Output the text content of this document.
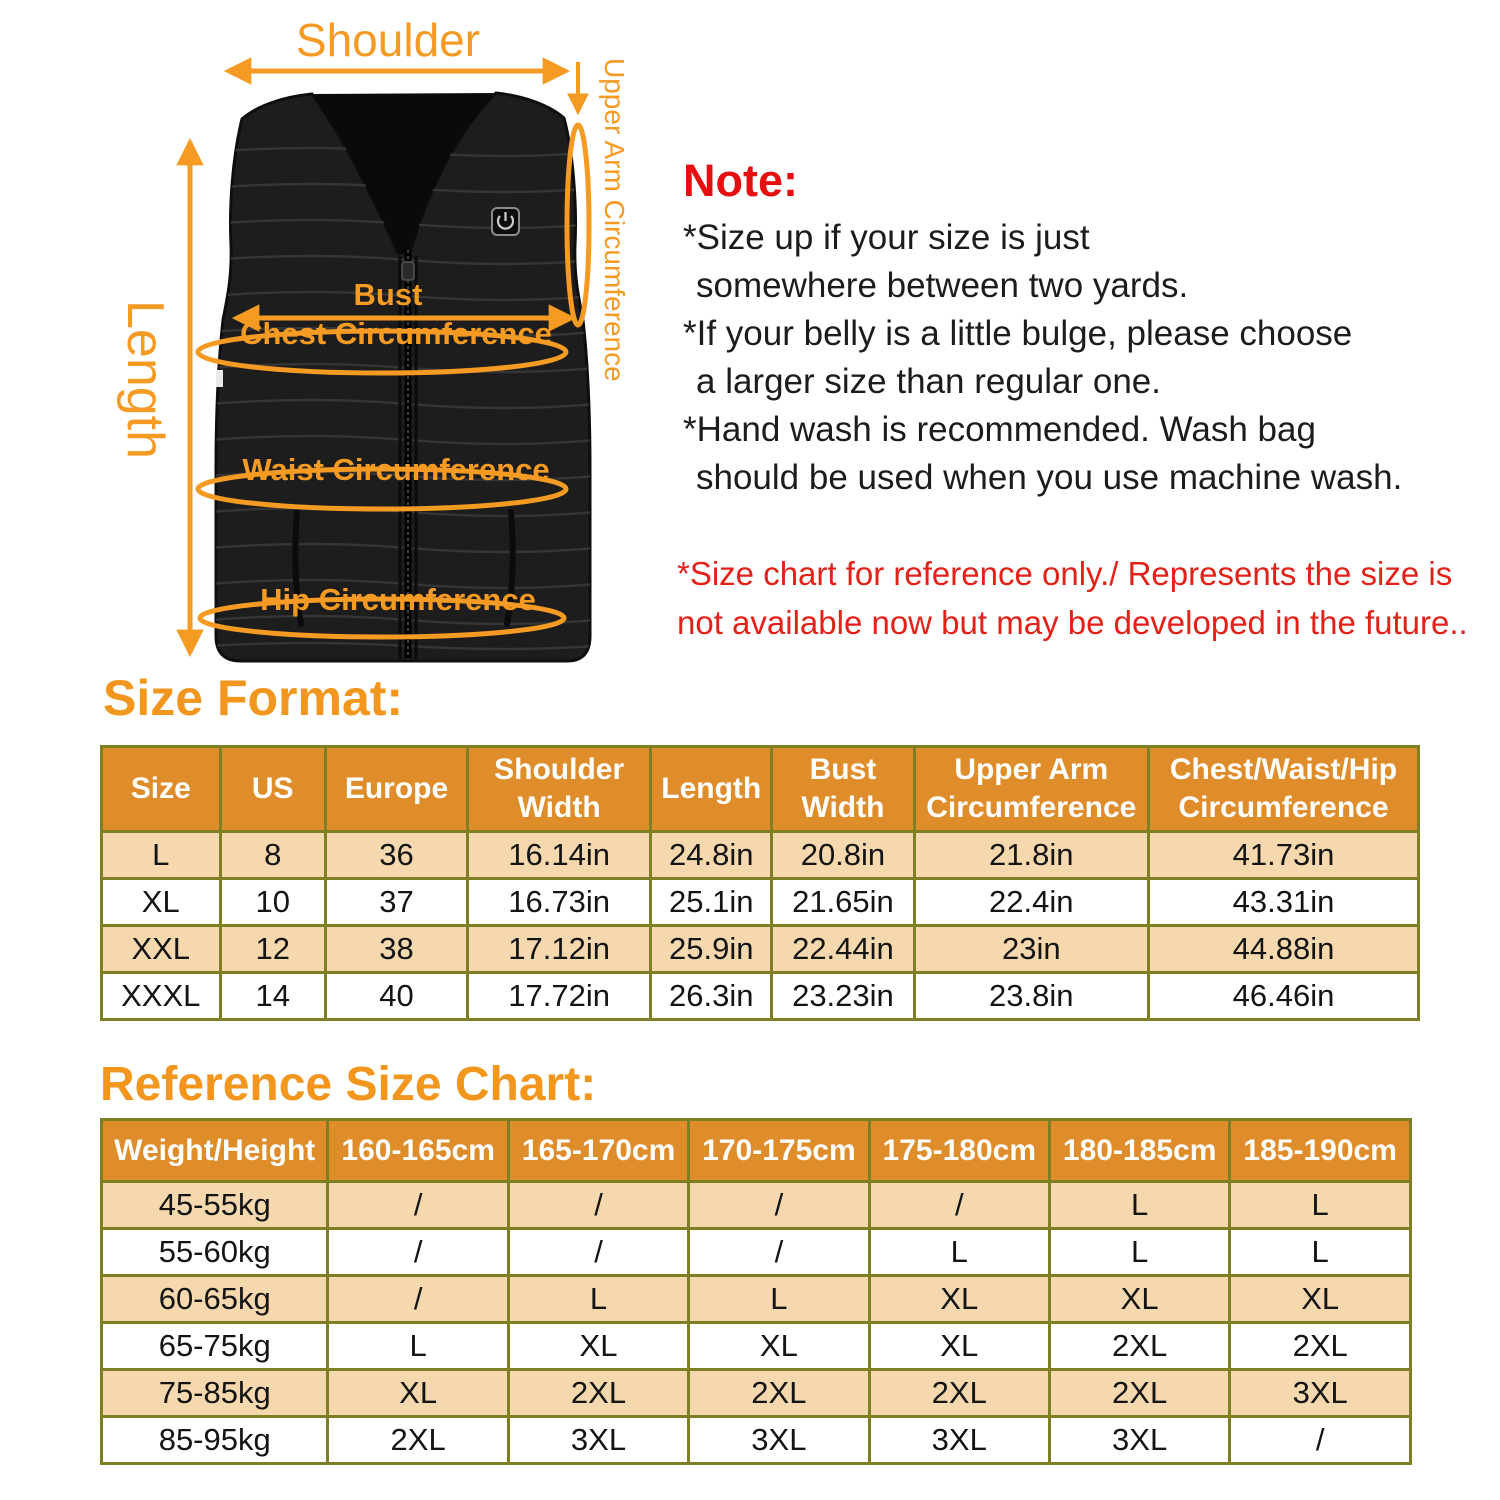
Shoulder
Upper Arm Circumference
Length
Bust
Chest Circumference
Waist Circumference
Hip Circumference
Note:
*Size up if your size is just
somewhere between two yards.
*If your belly is a little bulge, please choose
a larger size than regular one.
*Hand wash is recommended. Wash bag
should be used when you use machine wash.
*Size chart for reference only./ Represents the size is
not available now but may be developed in the future..
Size Format:
Size	US	Europe	Shoulder Width	Length	Bust Width	Upper Arm Circumference	Chest/Waist/Hip Circumference
L	8	36	16.14in	24.8in	20.8in	21.8in	41.73in
XL	10	37	16.73in	25.1in	21.65in	22.4in	43.31in
XXL	12	38	17.12in	25.9in	22.44in	23in	44.88in
XXXL	14	40	17.72in	26.3in	23.23in	23.8in	46.46in
Reference Size Chart:
Weight/Height	160-165cm	165-170cm	170-175cm	175-180cm	180-185cm	185-190cm
45-55kg	/	/	/	/	L	L
55-60kg	/	/	/	L	L	L
60-65kg	/	L	L	XL	XL	XL
65-75kg	L	XL	XL	XL	2XL	2XL
75-85kg	XL	2XL	2XL	2XL	2XL	3XL
85-95kg	2XL	3XL	3XL	3XL	3XL	/
